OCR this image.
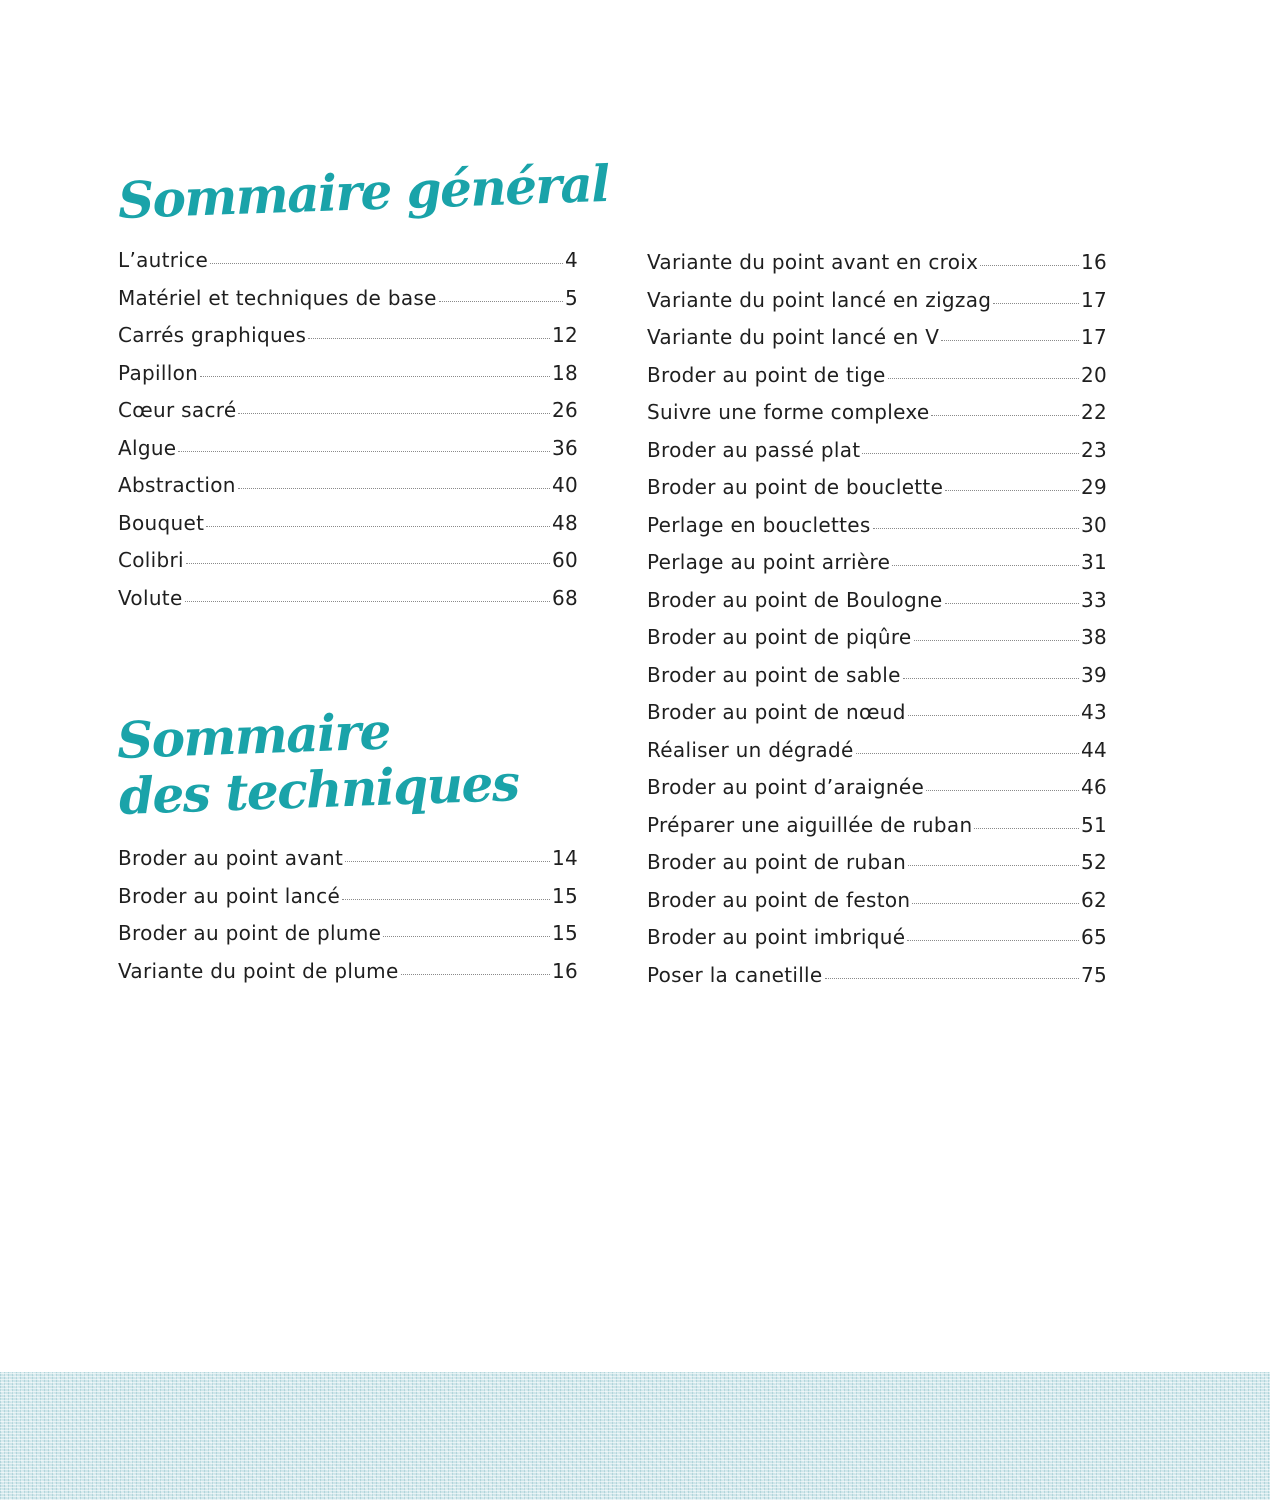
Sommaire général
L’autrice	4
Matériel et techniques de base	5
Carrés graphiques	12
Papillon	18
Cœur sacré	26
Algue	36
Abstraction	40
Bouquet	48
Colibri	60
Volute	68
Sommaire
des techniques
Broder au point avant	14
Broder au point lancé	15
Broder au point de plume	15
Variante du point de plume	16
Variante du point avant en croix	16
Variante du point lancé en zigzag	17
Variante du point lancé en V	17
Broder au point de tige	20
Suivre une forme complexe	22
Broder au passé plat	23
Broder au point de bouclette	29
Perlage en bouclettes	30
Perlage au point arrière	31
Broder au point de Boulogne	33
Broder au point de piqûre	38
Broder au point de sable	39
Broder au point de nœud	43
Réaliser un dégradé	44
Broder au point d’araignée	46
Préparer une aiguillée de ruban	51
Broder au point de ruban	52
Broder au point de feston	62
Broder au point imbriqué	65
Poser la canetille	75
